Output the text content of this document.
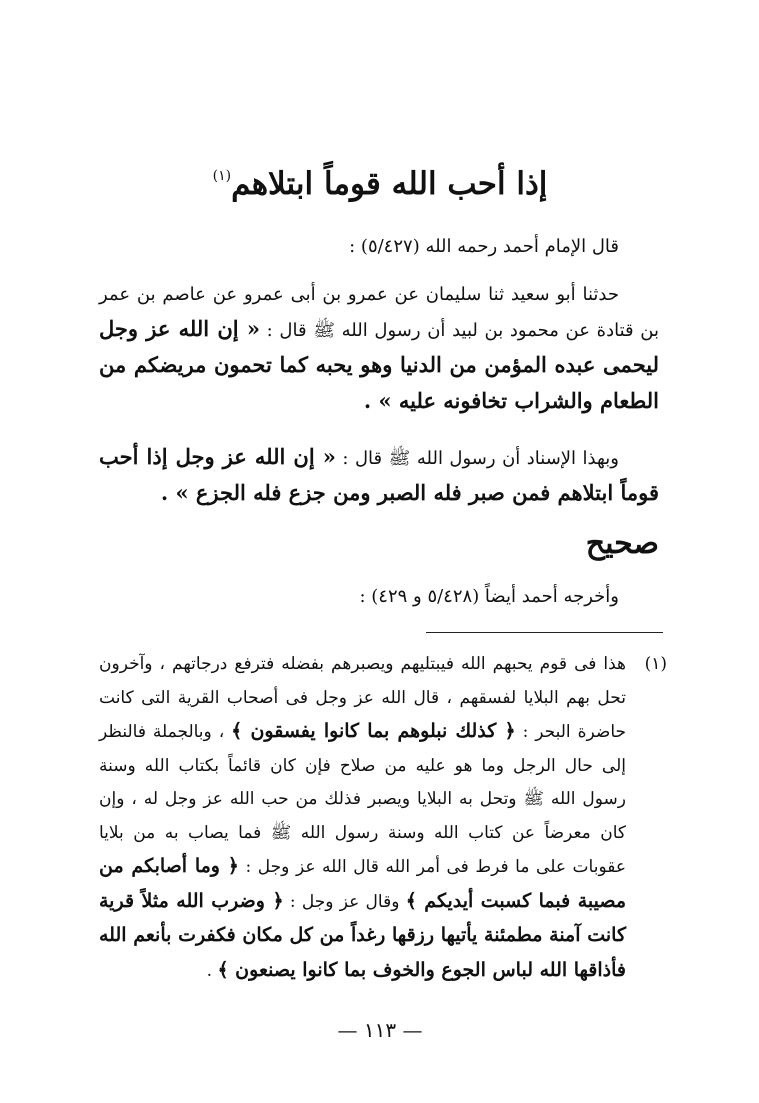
إذا أحب الله قوماً ابتلاهم$^{(١)}$
قال الإمام أحمد رحمه الله (٥/٤٢٧) :
حدثنا أبو سعيد ثنا سليمان عن عمرو بن أبى عمرو عن عاصم بن عمر بن قتادة عن محمود بن لبيد أن رسول الله ﷺ قال : « إن الله عز وجل ليحمى عبده المؤمن من الدنيا وهو يحبه كما تحمون مريضكم من الطعام والشراب تخافونه عليه » .
وبهذا الإسناد أن رسول الله ﷺ قال : « إن الله عز وجل إذا أحب قوماً ابتلاهم فمن صبر فله الصبر ومن جزع فله الجزع » .
صحيح
وأخرجه أحمد أيضاً (٥/٤٢٨ و ٤٢٩) :
(١)
هذا فى قوم يحبهم الله فيبتليهم ويصبرهم بفضله فترفع درجاتهم ، وآخرون تحل بهم البلايا لفسقهم ، قال الله عز وجل فى أصحاب القرية التى كانت حاضرة البحر : ﴿ كذلك نبلوهم بما كانوا يفسقون ﴾ ، وبالجملة فالنظر إلى حال الرجل وما هو عليه من صلاح فإن كان قائماً بكتاب الله وسنة رسول الله ﷺ وتحل به البلايا ويصبر فذلك من حب الله عز وجل له ، وإن كان معرضاً عن كتاب الله وسنة رسول الله ﷺ فما يصاب به من بلايا عقوبات على ما فرط فى أمر الله قال الله عز وجل : ﴿ وما أصابكم من مصيبة فبما كسبت أيديكم ﴾ وقال عز وجل : ﴿ وضرب الله مثلاً قرية كانت آمنة مطمئنة يأتيها رزقها رغداً من كل مكان فكفرت بأنعم الله فأذاقها الله لباس الجوع والخوف بما كانوا يصنعون ﴾ .
— ١١٣ —
